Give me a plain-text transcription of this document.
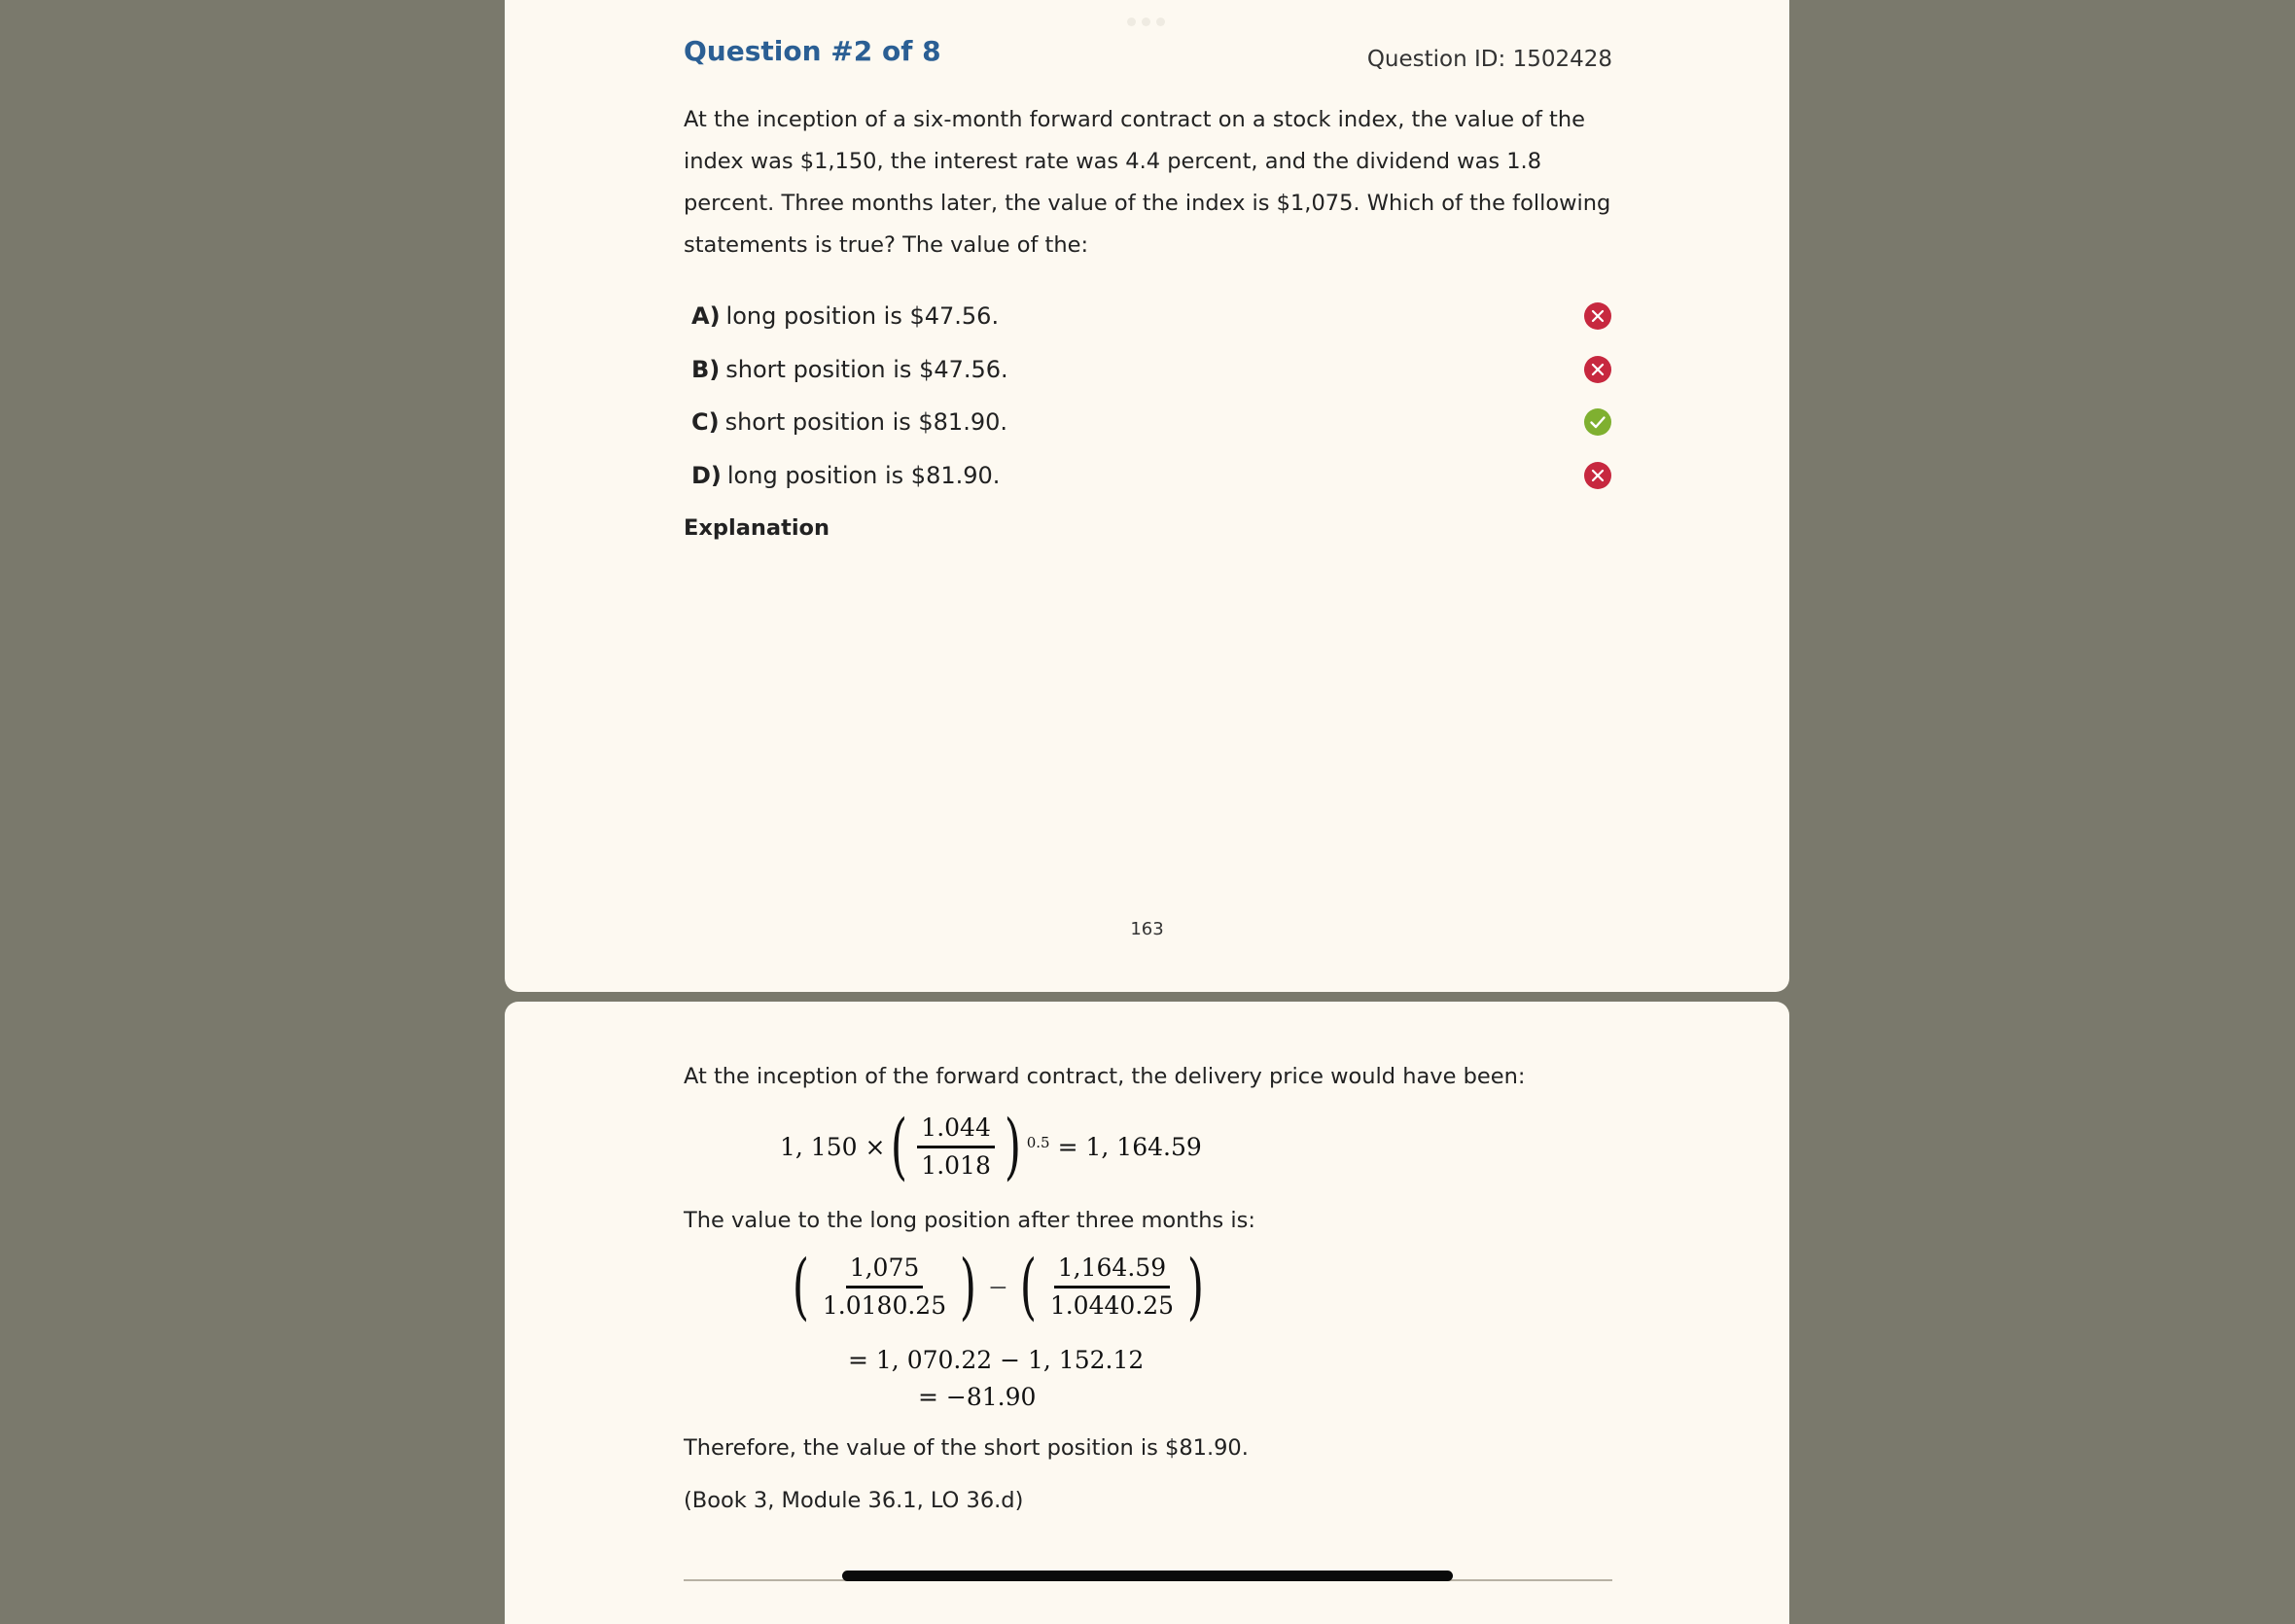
Question #2 of 8	Question ID: 1502428

At the inception of a six-month forward contract on a stock index, the value of the index was $1,150, the interest rate was 4.4 percent, and the dividend was 1.8 percent. Three months later, the value of the index is $1,075. Which of the following statements is true? The value of the:

A) long position is $47.56.
B) short position is $47.56.
C) short position is $81.90.
D) long position is $81.90.
Explanation
163

At the inception of the forward contract, the delivery price would have been:

1, 150 × ( $\frac{1.044}{1.018}$ ) 0.5 = 1, 164.59

The value to the long position after three months is:

( $\frac{1,075}{1.0180.25}$ ) − ( $\frac{1,164.59}{1.0440.25}$ )
= 1, 070.22 − 1, 152.12
= −81.90

Therefore, the value of the short position is $81.90.

(Book 3, Module 36.1, LO 36.d)
